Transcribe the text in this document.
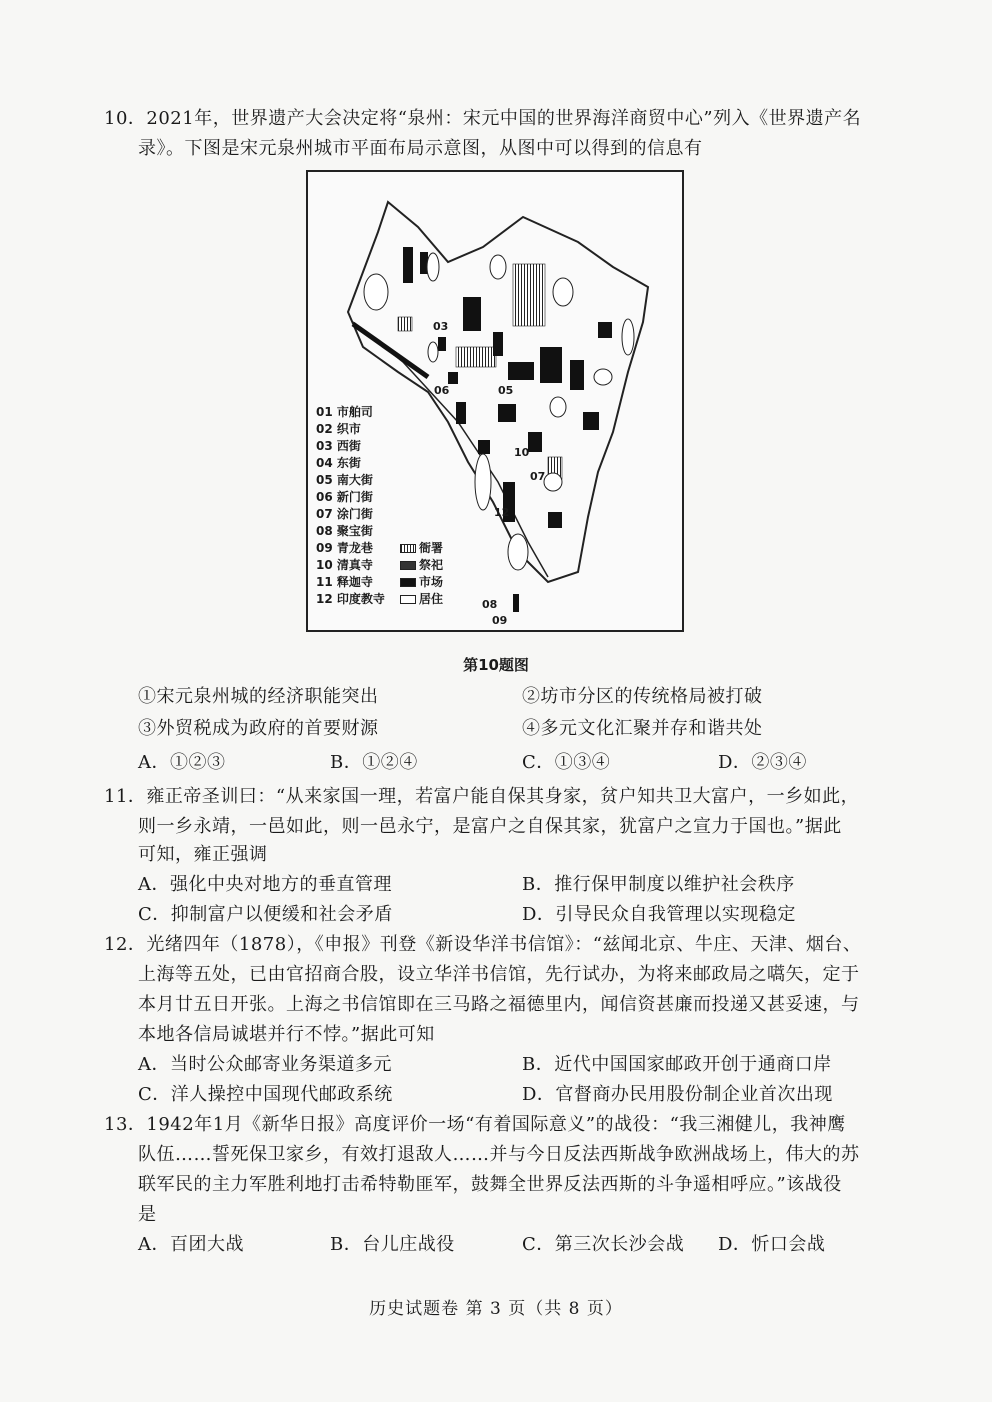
10．2021年，世界遗产大会决定将“泉州：宋元中国的世界海洋商贸中心”列入《世界遗产名
录》。下图是宋元泉州城市平面布局示意图，从图中可以得到的信息有
03
06	05
10
07
12
08
09
01 市舶司
02 织市
03 西街
04 东街
05 南大街
06 新门街
07 涂门街
08 聚宝街
09 青龙巷
10 清真寺
11 释迦寺
12 印度教寺
衙署
祭祀
市场
居住
第10题图
①宋元泉州城的经济职能突出	②坊市分区的传统格局被打破
③外贸税成为政府的首要财源	④多元文化汇聚并存和谐共处
A．①②③	B．①②④	C．①③④	D．②③④
11．雍正帝圣训曰：“从来家国一理，若富户能自保其身家，贫户知共卫大富户，一乡如此，
则一乡永靖，一邑如此，则一邑永宁，是富户之自保其家，犹富户之宣力于国也。”据此
可知，雍正强调
A．强化中央对地方的垂直管理	B．推行保甲制度以维护社会秩序
C．抑制富户以便缓和社会矛盾	D．引导民众自我管理以实现稳定
12．光绪四年（1878），《申报》刊登《新设华洋书信馆》：“兹闻北京、牛庄、天津、烟台、
上海等五处，已由官招商合股，设立华洋书信馆，先行试办，为将来邮政局之嚆矢，定于
本月廿五日开张。上海之书信馆即在三马路之福德里内，闻信资甚廉而投递又甚妥速，与
本地各信局诚堪并行不悖。”据此可知
A．当时公众邮寄业务渠道多元	B．近代中国国家邮政开创于通商口岸
C．洋人操控中国现代邮政系统	D．官督商办民用股份制企业首次出现
13．1942年1月《新华日报》高度评价一场“有着国际意义”的战役：“我三湘健儿，我神鹰
队伍……誓死保卫家乡，有效打退敌人……并与今日反法西斯战争欧洲战场上，伟大的苏
联军民的主力军胜利地打击希特勒匪军，鼓舞全世界反法西斯的斗争遥相呼应。”该战役
是
A．百团大战	B．台儿庄战役	C．第三次长沙会战 D．忻口会战
历史试题卷 第 3 页（共 8 页）
